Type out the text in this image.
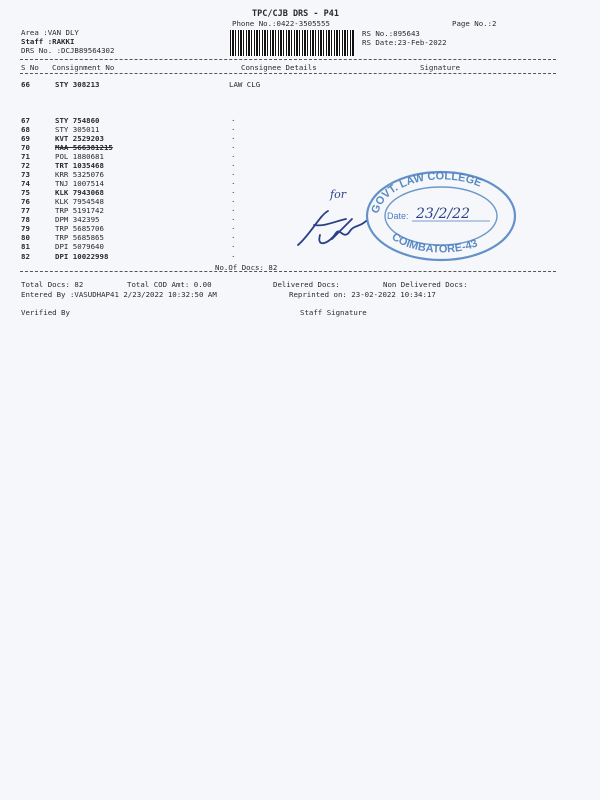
TPC/CJB DRS - P41
Phone No.:0422-3505555	Page No.:2
Area :VAN DLY
Staff :RAKKI
DRS No. :DCJB89564302
RS No.:895643
RS Date:23-Feb-2022
S No Consignment No	Consignee Details	Signature
66	STY 308213	LAW CLG
67	STY 754860	·
68	STY 305011	·
69	KVT 2529203	·
70	MAA 566381215	·
71	POL 1880681	·
72	TRT 1035468	·
73	KRR 5325076	·
74	TNJ 1007514	·
75	KLK 7943068	·
76	KLK 7954548	·
77	TRP 5191742	·
78	DPM 342395	·
79	TRP 5685706	·
80	TRP 5685865	·
81	DPI 5079640	·
82	DPI 10022998	·
No.Of Docs: 82
GOVT. LAW COLLEGE
COIMBATORE-43
Date: 23/2/22
for
Total Docs: 82	Total COD Amt: 0.00	Delivered Docs:	Non Delivered Docs:
Entered By :VASUDHAP41 2/23/2022 10:32:50 AM	Reprinted on: 23-02-2022 10:34:17
Verified By	Staff Signature
